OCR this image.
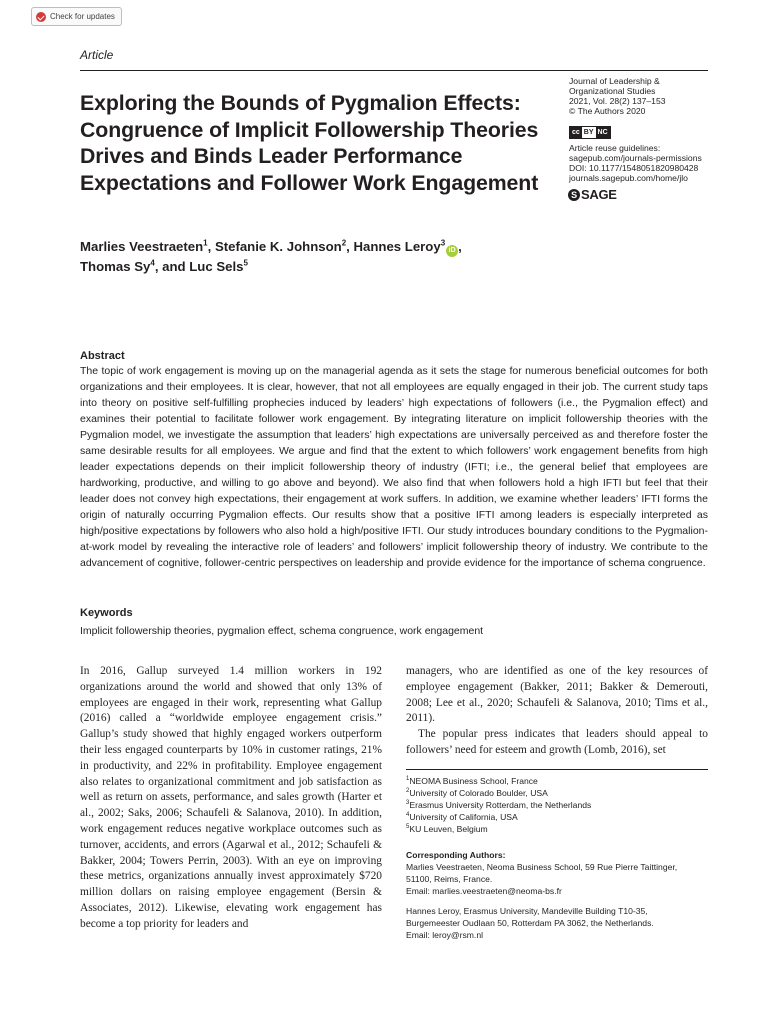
Check for updates
Article
Exploring the Bounds of Pygmalion Effects: Congruence of Implicit Followership Theories Drives and Binds Leader Performance Expectations and Follower Work Engagement
Journal of Leadership &
Organizational Studies
2021, Vol. 28(2) 137–153
© The Authors 2020
cc BY NC
Article reuse guidelines:
sagepub.com/journals-permissions
DOI: 10.1177/1548051820980428
journals.sagepub.com/home/jlo
S SAGE
Marlies Veestraeten$^1$, Stefanie K. Johnson$^2$, Hannes Leroy$^3$iD ,
Thomas Sy$^4$, and Luc Sels$^5$
Abstract
The topic of work engagement is moving up on the managerial agenda as it sets the stage for numerous beneficial outcomes for both organizations and their employees. It is clear, however, that not all employees are equally engaged in their job. The current study taps into theory on positive self-fulfilling prophecies induced by leaders’ high expectations of followers (i.e., the Pygmalion effect) and examines their potential to facilitate follower work engagement. By integrating literature on implicit followership theories with the Pygmalion model, we investigate the assumption that leaders’ high expectations are universally perceived as and therefore foster the same desirable results for all employees. We argue and find that the extent to which followers’ work engagement benefits from high leader expectations depends on their implicit followership theory of industry (IFTI; i.e., the general belief that employees are hardworking, productive, and willing to go above and beyond). We also find that when followers hold a high IFTI but feel that their leader does not convey high expectations, their engagement at work suffers. In addition, we examine whether leaders’ IFTI forms the origin of naturally occurring Pygmalion effects. Our results show that a positive IFTI among leaders is especially interpreted as high/positive expectations by followers who also hold a high/positive IFTI. Our study introduces boundary conditions to the Pygmalion-at-work model by revealing the interactive role of leaders’ and followers’ implicit followership theory of industry. We contribute to the advancement of cognitive, follower-centric perspectives on leadership and provide evidence for the importance of schema congruence.
Keywords
Implicit followership theories, pygmalion effect, schema congruence, work engagement
In 2016, Gallup surveyed 1.4 million workers in 192 organizations around the world and showed that only 13% of employees are engaged in their work, representing what Gallup (2016) called a “worldwide employee engagement crisis.” Gallup’s study showed that highly engaged workers outperform their less engaged counterparts by 10% in customer ratings, 21% in productivity, and 22% in profitability. Employee engagement also relates to organizational commitment and job satisfaction as well as return on assets, performance, and sales growth (Harter et al., 2002; Saks, 2006; Schaufeli & Salanova, 2010). In addition, work engagement reduces negative workplace outcomes such as turnover, accidents, and errors (Agarwal et al., 2012; Schaufeli & Bakker, 2004; Towers Perrin, 2003). With an eye on improving these metrics, organizations annually invest approximately $720 million dollars on raising employee engagement (Bersin & Associates, 2012). Likewise, elevating work engagement has become a top priority for leaders and

managers, who are identified as one of the key resources of employee engagement (Bakker, 2011; Bakker & Demerouti, 2008; Lee et al., 2020; Schaufeli & Salanova, 2010; Tims et al., 2011).

The popular press indicates that leaders should appeal to followers’ need for esteem and growth (Lomb, 2016), set

$^1$NEOMA Business School, France
$^2$University of Colorado Boulder, USA
$^3$Erasmus University Rotterdam, the Netherlands
$^4$University of California, USA
$^5$KU Leuven, Belgium

Corresponding Authors:

Marlies Veestraeten, Neoma Business School, 59 Rue Pierre Taittinger,

51100, Reims, France.

Email: marlies.veestraeten@neoma-bs.fr

Hannes Leroy, Erasmus University, Mandeville Building T10-35,

Burgemeester Oudlaan 50, Rotterdam PA 3062, the Netherlands.

Email: leroy@rsm.nl
